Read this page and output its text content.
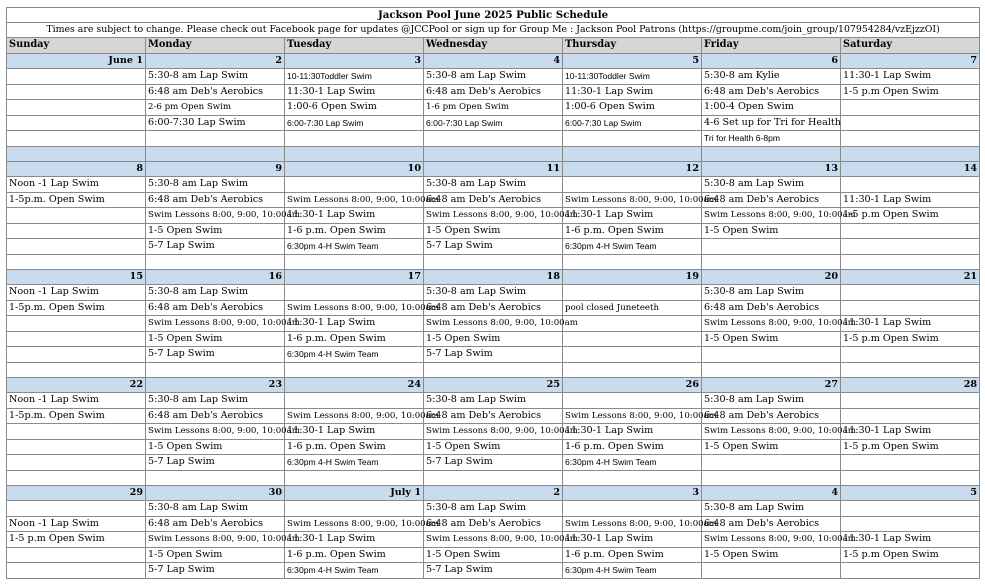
Jackson Pool June 2025 Public Schedule						
Times are subject to change. Please check out Facebook page for updates @JCCPool or sign up for Group Me : Jackson Pool Patrons (https://groupme.com/join_group/107954284/vzEjzzOI)						
Sunday	Monday	Tuesday	Wednesday	Thursday	Friday	Saturday
June 1	2	3	4	5	6	7
	5:30-8 am Lap Swim	10-11:30Toddler Swim	5:30-8 am Lap Swim	10-11:30Toddler Swim	5:30-8 am Kylie	11:30-1 Lap Swim
	6:48 am Deb's Aerobics	11:30-1 Lap Swim	6:48 am Deb's Aerobics	11:30-1 Lap Swim	6:48 am Deb's Aerobics	1-5 p.m Open Swim
	2-6 pm Open Swim	1:00-6 Open Swim	1-6 pm Open Swim	1:00-6 Open Swim	1:00-4 Open Swim	
	6:00-7:30 Lap Swim	6:00-7:30 Lap Swim	6:00-7:30 Lap Swim	6:00-7:30 Lap Swim	4-6 Set up for Tri for Health	
					Tri for Health 6-8pm	

8	9	10	11	12	13	14
Noon -1 Lap Swim	5:30-8 am Lap Swim		5:30-8 am Lap Swim		5:30-8 am Lap Swim	
1-5p.m. Open Swim	6:48 am Deb's Aerobics	Swim Lessons 8:00, 9:00, 10:00am	6:48 am Deb's Aerobics	Swim Lessons 8:00, 9:00, 10:00am	6:48 am Deb's Aerobics	11:30-1 Lap Swim
	Swim Lessons 8:00, 9:00, 10:00am	11:30-1 Lap Swim	Swim Lessons 8:00, 9:00, 10:00am	11:30-1 Lap Swim	Swim Lessons 8:00, 9:00, 10:00am	1-5 p.m Open Swim
	1-5 Open Swim	1-6 p.m. Open Swim	1-5 Open Swim	1-6 p.m. Open Swim	1-5 Open Swim	
	5-7 Lap Swim	6:30pm 4-H Swim Team	5-7 Lap Swim	6:30pm 4-H Swim Team		

15	16	17	18	19	20	21
Noon -1 Lap Swim	5:30-8 am Lap Swim		5:30-8 am Lap Swim		5:30-8 am Lap Swim	
1-5p.m. Open Swim	6:48 am Deb's Aerobics	Swim Lessons 8:00, 9:00, 10:00am	6:48 am Deb's Aerobics	pool closed Juneteeth	6:48 am Deb's Aerobics	
	Swim Lessons 8:00, 9:00, 10:00am	11:30-1 Lap Swim	Swim Lessons 8:00, 9:00, 10:00am		Swim Lessons 8:00, 9:00, 10:00am	11:30-1 Lap Swim
	1-5 Open Swim	1-6 p.m. Open Swim	1-5 Open Swim		1-5 Open Swim	1-5 p.m Open Swim
	5-7 Lap Swim	6:30pm 4-H Swim Team	5-7 Lap Swim			

22	23	24	25	26	27	28
Noon -1 Lap Swim	5:30-8 am Lap Swim		5:30-8 am Lap Swim		5:30-8 am Lap Swim	
1-5p.m. Open Swim	6:48 am Deb's Aerobics	Swim Lessons 8:00, 9:00, 10:00am	6:48 am Deb's Aerobics	Swim Lessons 8:00, 9:00, 10:00am	6:48 am Deb's Aerobics	
	Swim Lessons 8:00, 9:00, 10:00am	11:30-1 Lap Swim	Swim Lessons 8:00, 9:00, 10:00am	11:30-1 Lap Swim	Swim Lessons 8:00, 9:00, 10:00am	11:30-1 Lap Swim
	1-5 Open Swim	1-6 p.m. Open Swim	1-5 Open Swim	1-6 p.m. Open Swim	1-5 Open Swim	1-5 p.m Open Swim
	5-7 Lap Swim	6:30pm 4-H Swim Team	5-7 Lap Swim	6:30pm 4-H Swim Team		

29	30	July 1	2	3	4	5
	5:30-8 am Lap Swim		5:30-8 am Lap Swim		5:30-8 am Lap Swim	
Noon -1 Lap Swim	6:48 am Deb's Aerobics	Swim Lessons 8:00, 9:00, 10:00am	6:48 am Deb's Aerobics	Swim Lessons 8:00, 9:00, 10:00am	6:48 am Deb's Aerobics	
1-5 p.m Open Swim	Swim Lessons 8:00, 9:00, 10:00am	11:30-1 Lap Swim	Swim Lessons 8:00, 9:00, 10:00am	11:30-1 Lap Swim	Swim Lessons 8:00, 9:00, 10:00am	11:30-1 Lap Swim
	1-5 Open Swim	1-6 p.m. Open Swim	1-5 Open Swim	1-6 p.m. Open Swim	1-5 Open Swim	1-5 p.m Open Swim
	5-7 Lap Swim	6:30pm 4-H Swim Team	5-7 Lap Swim	6:30pm 4-H Swim Team		
